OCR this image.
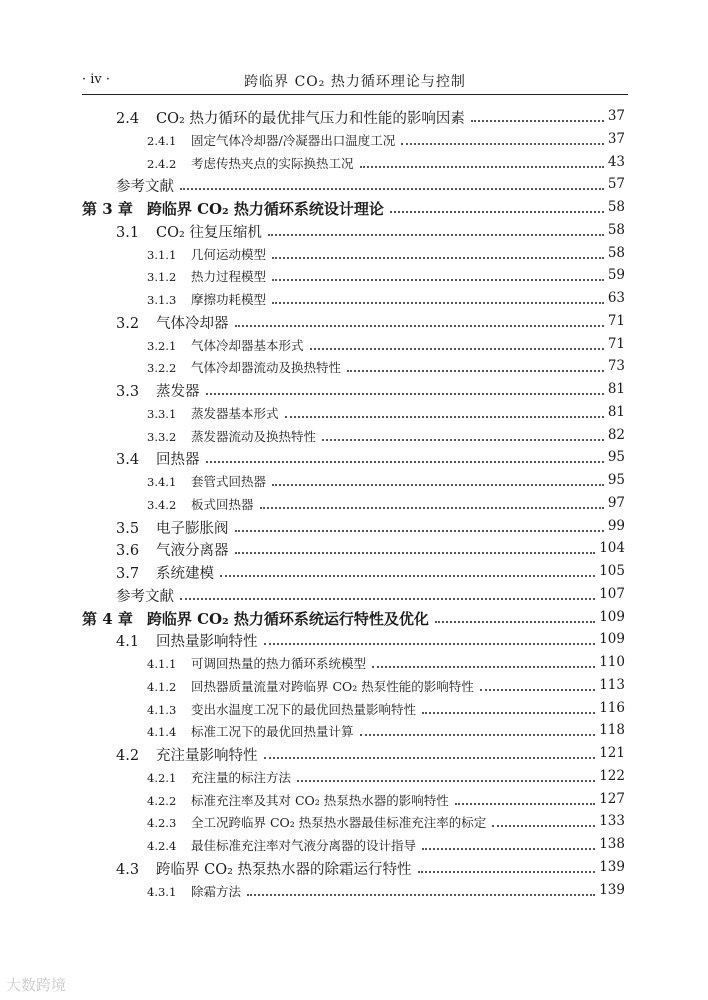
· iv ·	跨临界 CO₂ 热力循环理论与控制
2.4 CO₂ 热力循环的最优排气压力和性能的影响因素	37
2.4.1 固定气体冷却器/冷凝器出口温度工况	37
2.4.2 考虑传热夹点的实际换热工况	43
参考文献	57
第 3 章 跨临界 CO₂ 热力循环系统设计理论	58
3.1 CO₂ 往复压缩机	58
3.1.1 几何运动模型	58
3.1.2 热力过程模型	59
3.1.3 摩擦功耗模型	63
3.2 气体冷却器	71
3.2.1 气体冷却器基本形式	71
3.2.2 气体冷却器流动及换热特性	73
3.3 蒸发器	81
3.3.1 蒸发器基本形式	81
3.3.2 蒸发器流动及换热特性	82
3.4 回热器	95
3.4.1 套管式回热器	95
3.4.2 板式回热器	97
3.5 电子膨胀阀	99
3.6 气液分离器	104
3.7 系统建模	105
参考文献	107
第 4 章 跨临界 CO₂ 热力循环系统运行特性及优化	109
4.1 回热量影响特性	109
4.1.1 可调回热量的热力循环系统模型	110
4.1.2 回热器质量流量对跨临界 CO₂ 热泵性能的影响特性	113
4.1.3 变出水温度工况下的最优回热量影响特性	116
4.1.4 标准工况下的最优回热量计算	118
4.2 充注量影响特性	121
4.2.1 充注量的标注方法	122
4.2.2 标准充注率及其对 CO₂ 热泵热水器的影响特性	127
4.2.3 全工况跨临界 CO₂ 热泵热水器最佳标准充注率的标定	133
4.2.4 最佳标准充注率对气液分离器的设计指导	138
4.3 跨临界 CO₂ 热泵热水器的除霜运行特性	139
4.3.1 除霜方法	139
大数跨境
